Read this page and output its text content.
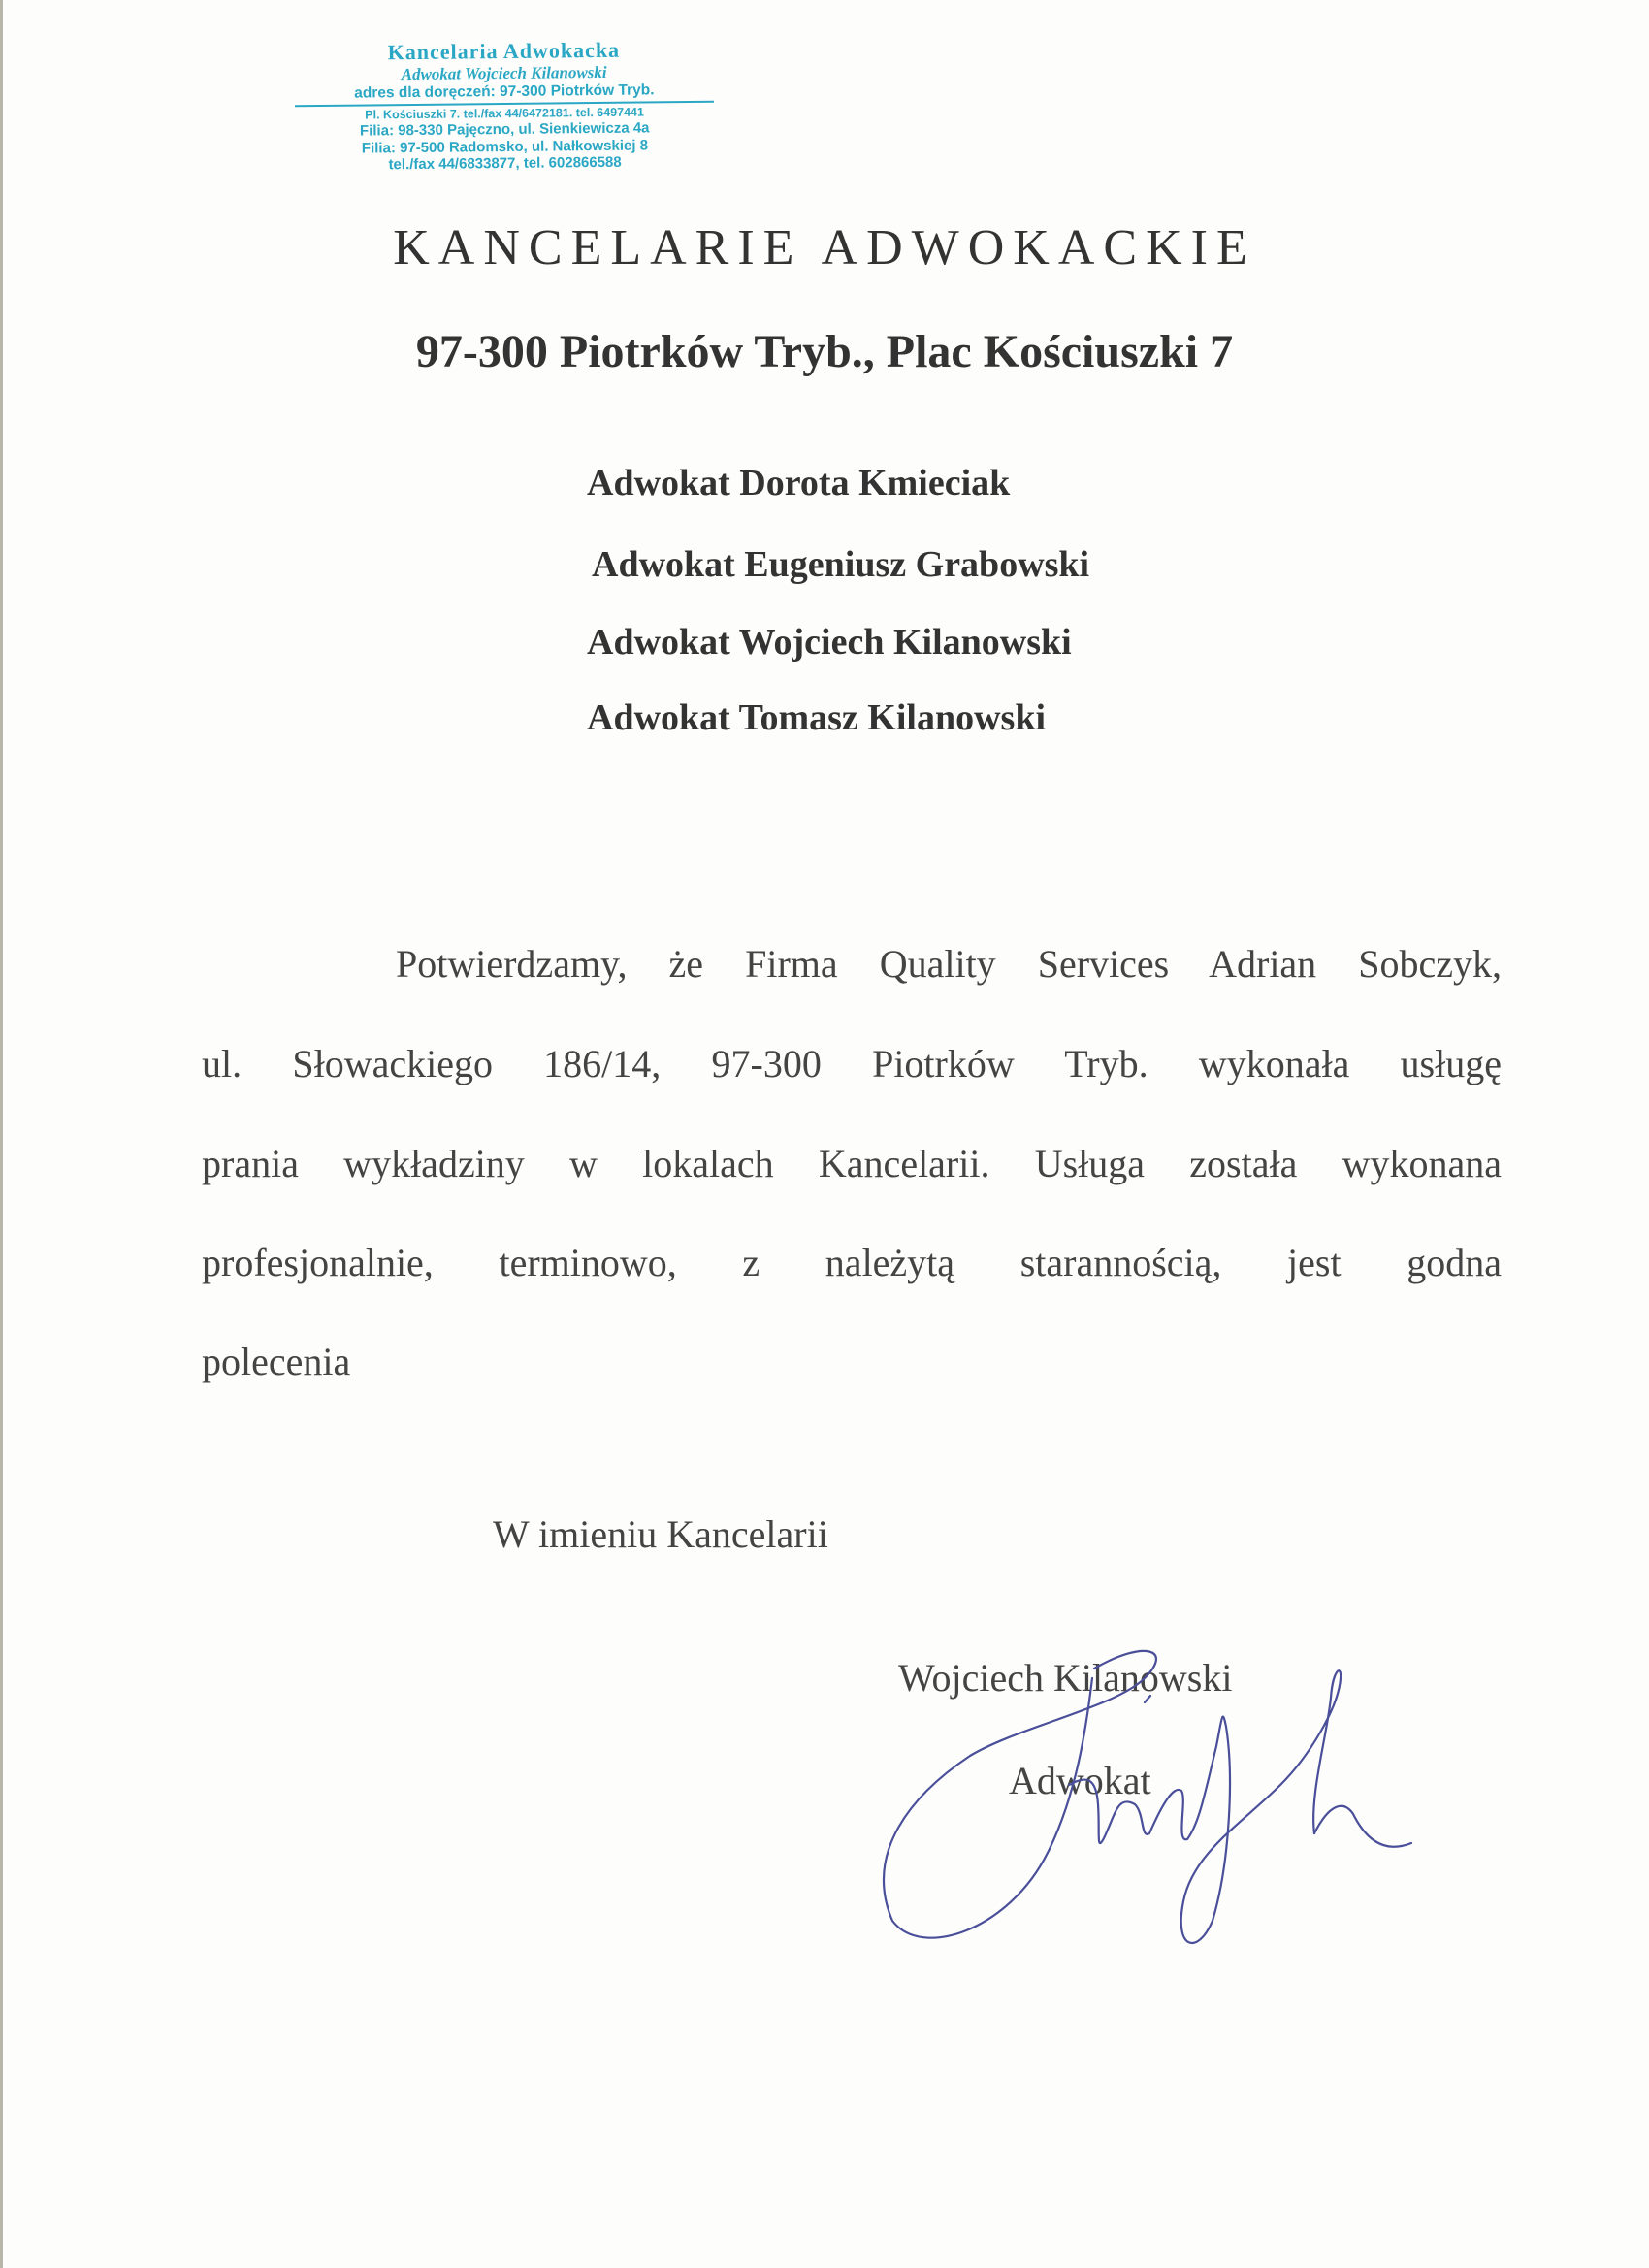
Kancelaria Adwokacka
Adwokat Wojciech Kilanowski
adres dla doręczeń: 97-300 Piotrków Tryb.
Pl. Kościuszki 7. tel./fax 44/6472181. tel. 6497441
Filia: 98-330 Pajęczno, ul. Sienkiewicza 4a
Filia: 97-500 Radomsko, ul. Nałkowskiej 8
tel./fax 44/6833877, tel. 602866588
KANCELARIE ADWOKACKIE
97-300 Piotrków Tryb., Plac Kościuszki 7
Adwokat Dorota Kmieciak
Adwokat Eugeniusz Grabowski
Adwokat Wojciech Kilanowski
Adwokat Tomasz Kilanowski
Potwierdzamy, że Firma Quality Services Adrian Sobczyk,
ul. Słowackiego 186/14, 97-300 Piotrków Tryb. wykonała usługę
prania wykładziny w lokalach Kancelarii. Usługa została wykonana
profesjonalnie, terminowo, z należytą starannością, jest godna
polecenia
W imieniu Kancelarii
Wojciech Kilanowski
Adwokat
